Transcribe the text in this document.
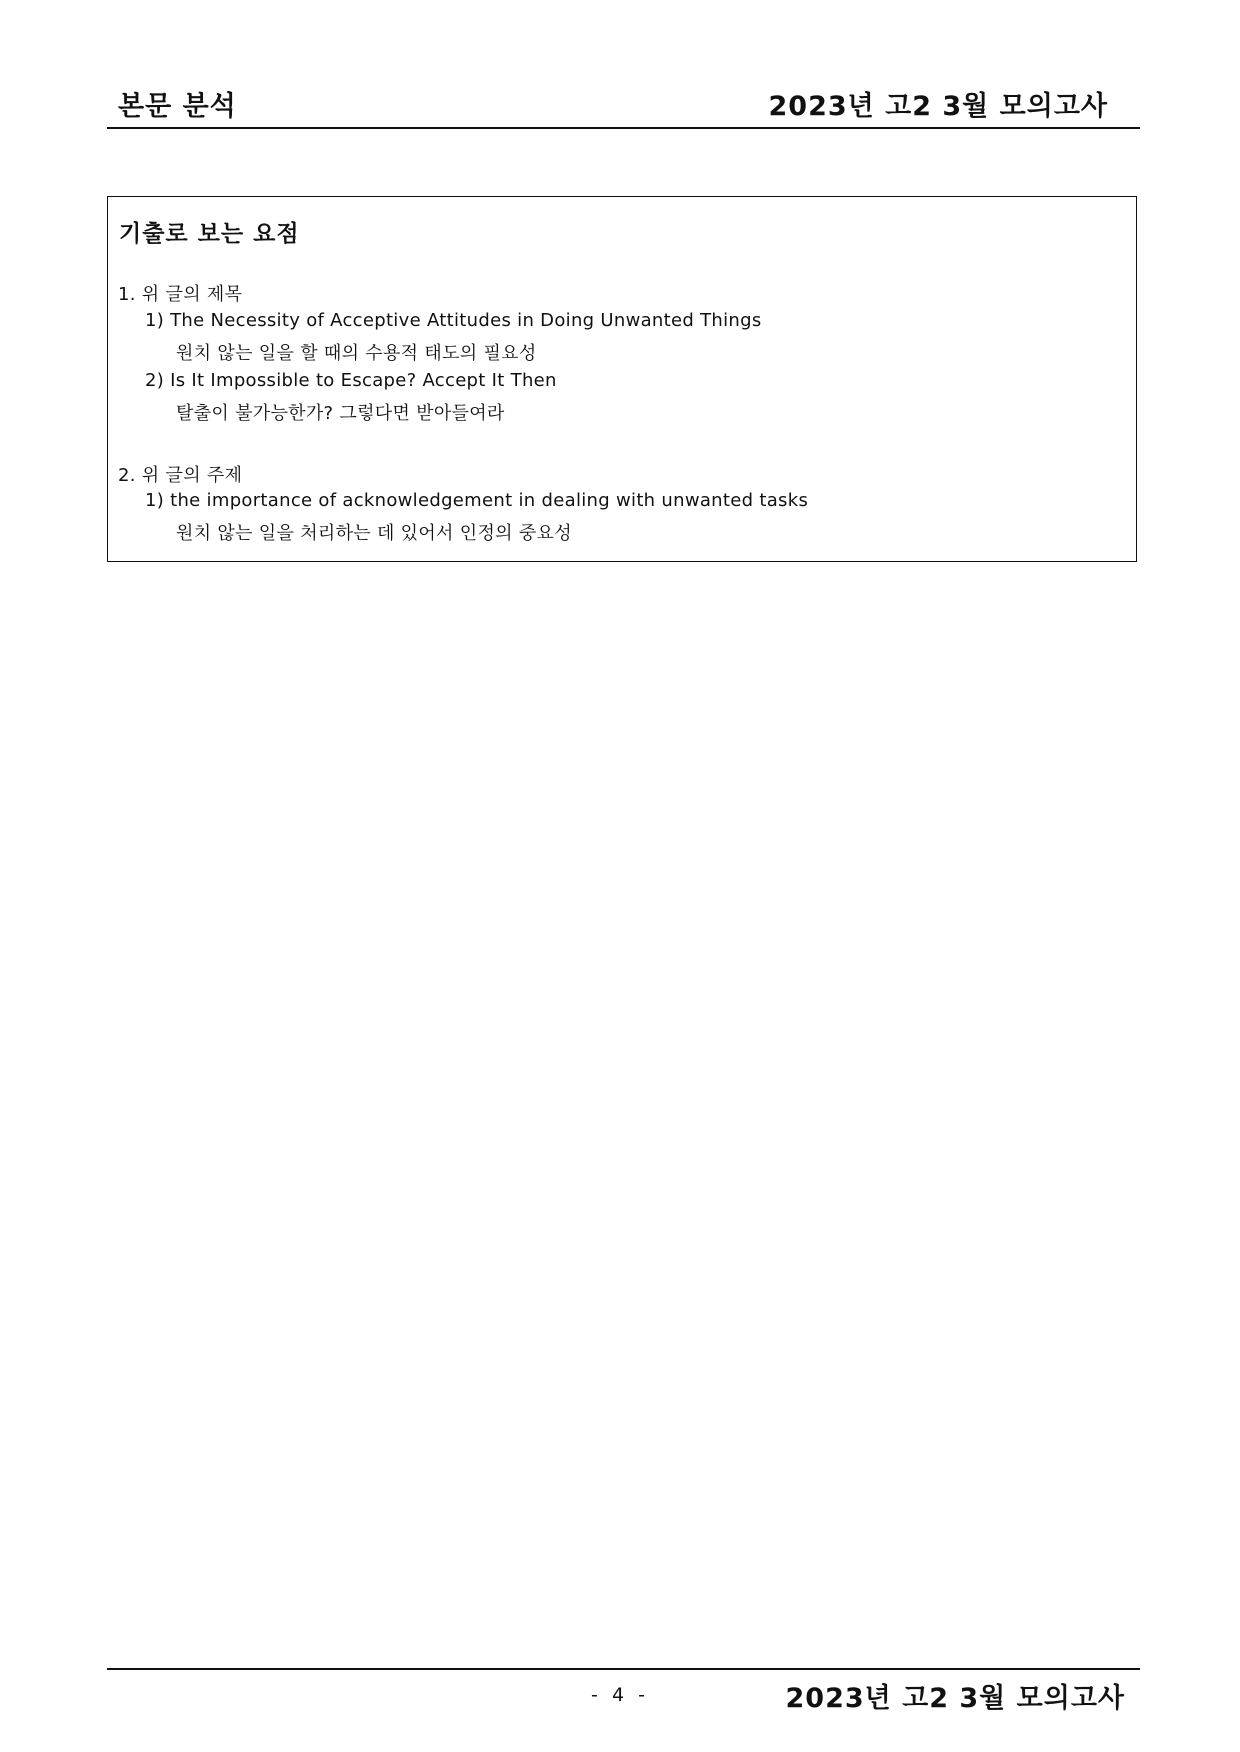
본문 분석	2023년 고2 3월 모의고사
기출로 보는 요점
1. 위 글의 제목
1) The Necessity of Acceptive Attitudes in Doing Unwanted Things
원치 않는 일을 할 때의 수용적 태도의 필요성
2) Is It Impossible to Escape? Accept It Then
탈출이 불가능한가? 그렇다면 받아들여라
2. 위 글의 주제
1) the importance of acknowledgement in dealing with unwanted tasks
원치 않는 일을 처리하는 데 있어서 인정의 중요성
- 4 -	2023년 고2 3월 모의고사
